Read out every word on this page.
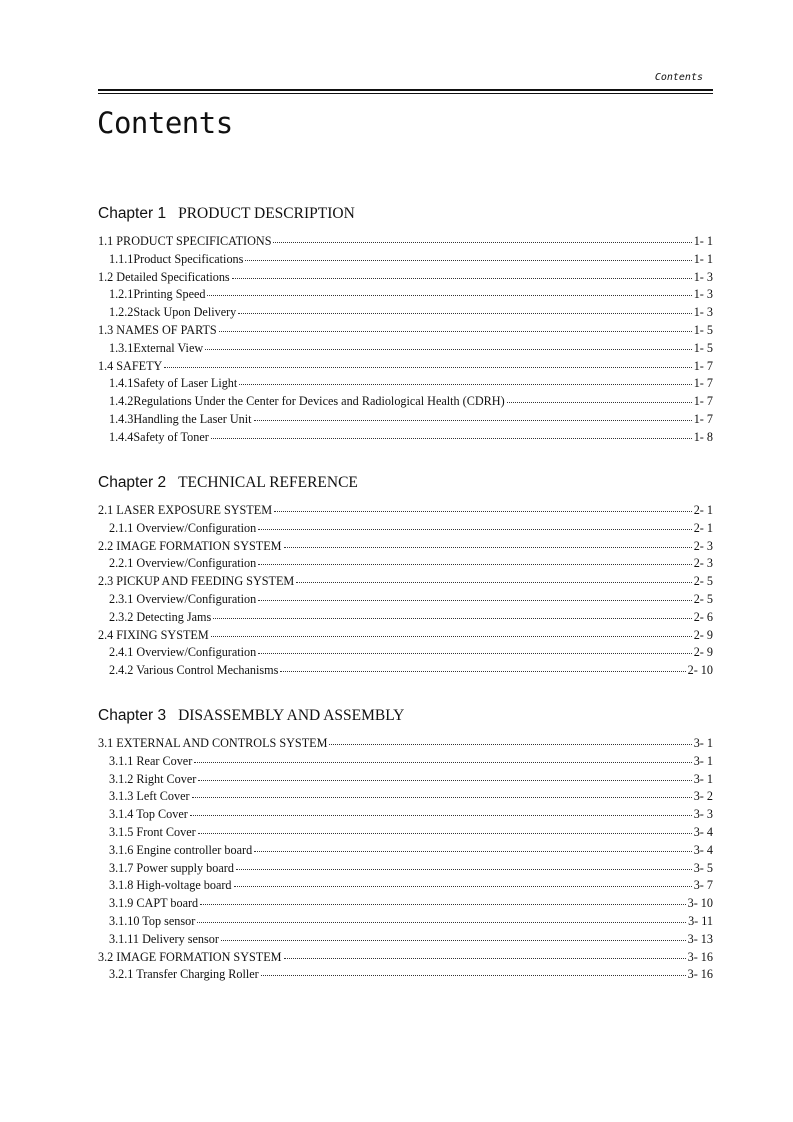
Contents
Contents
Chapter 1 PRODUCT DESCRIPTION
1.1 PRODUCT SPECIFICATIONS	1- 1
1.1.1Product Specifications	1- 1
1.2 Detailed Specifications	1- 3
1.2.1Printing Speed	1- 3
1.2.2Stack Upon Delivery	1- 3
1.3 NAMES OF PARTS	1- 5
1.3.1External View	1- 5
1.4 SAFETY	1- 7
1.4.1Safety of Laser Light	1- 7
1.4.2Regulations Under the Center for Devices and Radiological Health (CDRH)	1- 7
1.4.3Handling the Laser Unit	1- 7
1.4.4Safety of Toner	1- 8
Chapter 2 TECHNICAL REFERENCE
2.1 LASER EXPOSURE SYSTEM	2- 1
2.1.1 Overview/Configuration	2- 1
2.2 IMAGE FORMATION SYSTEM	2- 3
2.2.1 Overview/Configuration	2- 3
2.3 PICKUP AND FEEDING SYSTEM	2- 5
2.3.1 Overview/Configuration	2- 5
2.3.2 Detecting Jams	2- 6
2.4 FIXING SYSTEM	2- 9
2.4.1 Overview/Configuration	2- 9
2.4.2 Various Control Mechanisms	2- 10
Chapter 3 DISASSEMBLY AND ASSEMBLY
3.1 EXTERNAL AND CONTROLS SYSTEM	3- 1
3.1.1 Rear Cover	3- 1
3.1.2 Right Cover	3- 1
3.1.3 Left Cover	3- 2
3.1.4 Top Cover	3- 3
3.1.5 Front Cover	3- 4
3.1.6 Engine controller board	3- 4
3.1.7 Power supply board	3- 5
3.1.8 High-voltage board	3- 7
3.1.9 CAPT board	3- 10
3.1.10 Top sensor	3- 11
3.1.11 Delivery sensor	3- 13
3.2 IMAGE FORMATION SYSTEM	3- 16
3.2.1 Transfer Charging Roller	3- 16
